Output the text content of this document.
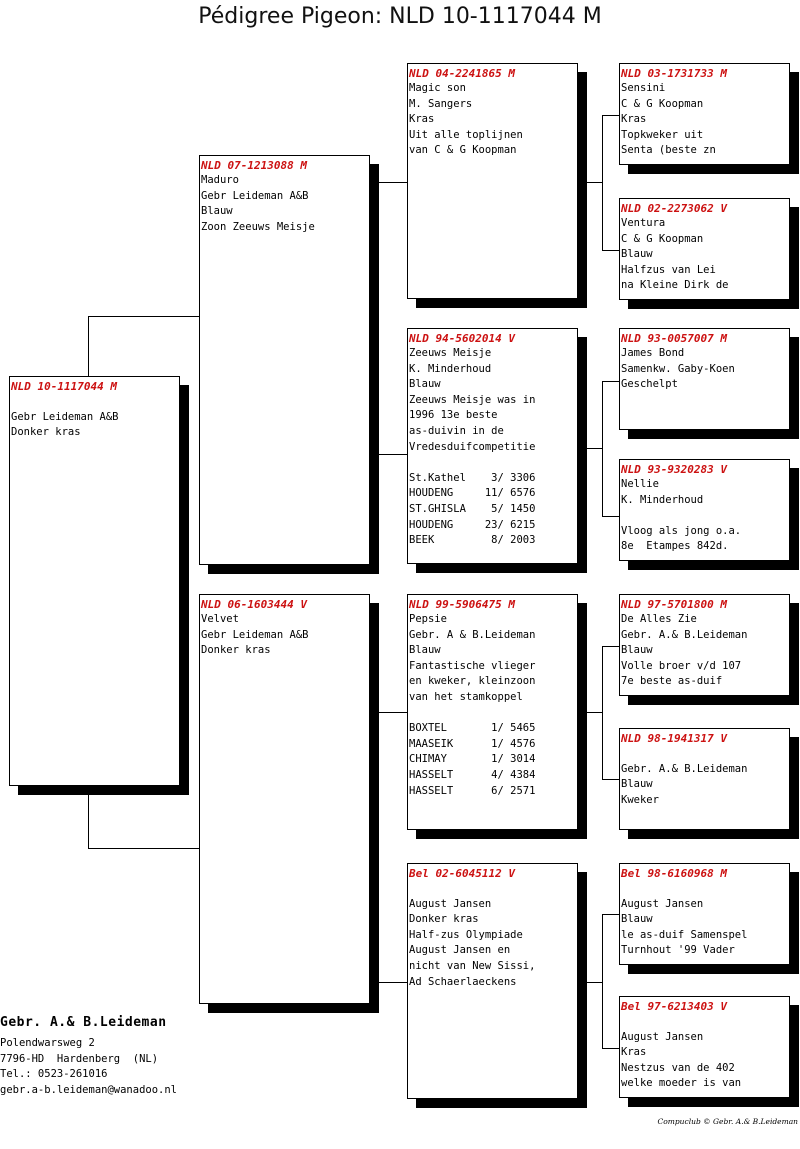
Pédigree Pigeon: NLD 10-1117044 M
NLD 10-1117044 M
Gebr Leideman A&B
Donker kras
NLD 07-1213088 M
Maduro
Gebr Leideman A&B
Blauw
Zoon Zeeuws Meisje
NLD 06-1603444 V
Velvet
Gebr Leideman A&B
Donker kras
NLD 04-2241865 M
Magic son
M. Sangers
Kras
Uit alle toplijnen
van C & G Koopman
NLD 94-5602014 V
Zeeuws Meisje
K. Minderhoud
Blauw
Zeeuws Meisje was in
1996 13e beste
as-duivin in de
Vredesduifcompetitie
St.Kathel    3/ 3306
HOUDENG     11/ 6576
ST.GHISLA    5/ 1450
HOUDENG     23/ 6215
BEEK         8/ 2003
NLD 99-5906475 M
Pepsie
Gebr. A & B.Leideman
Blauw
Fantastische vlieger
en kweker, kleinzoon
van het stamkoppel
BOXTEL       1/ 5465
MAASEIK      1/ 4576
CHIMAY       1/ 3014
HASSELT      4/ 4384
HASSELT      6/ 2571
Bel 02-6045112 V
August Jansen
Donker kras
Half-zus Olympiade
August Jansen en
nicht van New Sissi,
Ad Schaerlaeckens
NLD 03-1731733 M
Sensini
C & G Koopman
Kras
Topkweker uit
Senta (beste zn
NLD 02-2273062 V
Ventura
C & G Koopman
Blauw
Halfzus van Lei
na Kleine Dirk de
NLD 93-0057007 M
James Bond
Samenkw. Gaby-Koen
Geschelpt
NLD 93-9320283 V
Nellie
K. Minderhoud
Vloog als jong o.a.
8e  Etampes 842d.
NLD 97-5701800 M
De Alles Zie
Gebr. A.& B.Leideman
Blauw
Volle broer v/d 107
7e beste as-duif
NLD 98-1941317 V
Gebr. A.& B.Leideman
Blauw
Kweker
Bel 98-6160968 M
August Jansen
Blauw
le as-duif Samenspel
Turnhout '99 Vader
Bel 97-6213403 V
August Jansen
Kras
Nestzus van de 402
welke moeder is van
Gebr. A.& B.Leideman
Polendwarsweg 2
7796-HD  Hardenberg  (NL)
Tel.: 0523-261016
gebr.a-b.leideman@wanadoo.nl
Compuclub © Gebr. A.& B.Leideman
